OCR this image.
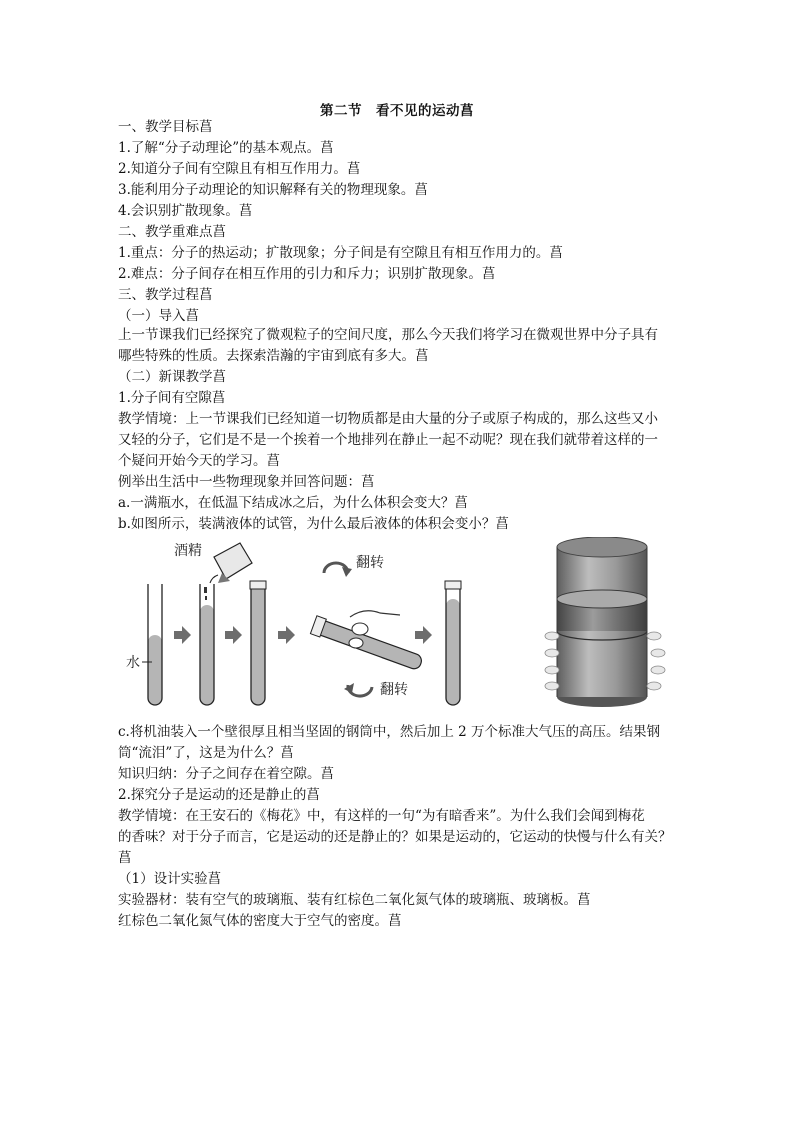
第二节　看不见的运动菖
一、教学目标菖
1.了解“分子动理论”的基本观点。菖
2.知道分子间有空隙且有相互作用力。菖
3.能利用分子动理论的知识解释有关的物理现象。菖
4.会识别扩散现象。菖
二、教学重难点菖
1.重点：分子的热运动；扩散现象；分子间是有空隙且有相互作用力的。菖
2.难点：分子间存在相互作用的引力和斥力；识别扩散现象。菖
三、教学过程菖
（一）导入菖
上一节课我们已经探究了微观粒子的空间尺度，那么今天我们将学习在微观世界中分子具有
哪些特殊的性质。去探索浩瀚的宇宙到底有多大。菖
（二）新课教学菖
1.分子间有空隙菖
教学情境：上一节课我们已经知道一切物质都是由大量的分子或原子构成的，那么这些又小
又轻的分子，它们是不是一个挨着一个地排列在静止一起不动呢？现在我们就带着这样的一
个疑问开始今天的学习。菖
例举出生活中一些物理现象并回答问题：菖
a.一满瓶水，在低温下结成冰之后，为什么体积会变大？菖
b.如图所示，装满液体的试管，为什么最后液体的体积会变小？菖
水
酒精
翻转
翻转
c.将机油装入一个壁很厚且相当坚固的钢筒中，然后加上 2 万个标准大气压的高压。结果钢
筒“流泪”了，这是为什么？菖
知识归纳：分子之间存在着空隙。菖
2.探究分子是运动的还是静止的菖
教学情境：在王安石的《梅花》中，有这样的一句“为有暗香来”。为什么我们会闻到梅花
的香味？对于分子而言，它是运动的还是静止的？如果是运动的，它运动的快慢与什么有关？
菖
（1）设计实验菖
实验器材：装有空气的玻璃瓶、装有红棕色二氧化氮气体的玻璃瓶、玻璃板。菖
红棕色二氧化氮气体的密度大于空气的密度。菖
